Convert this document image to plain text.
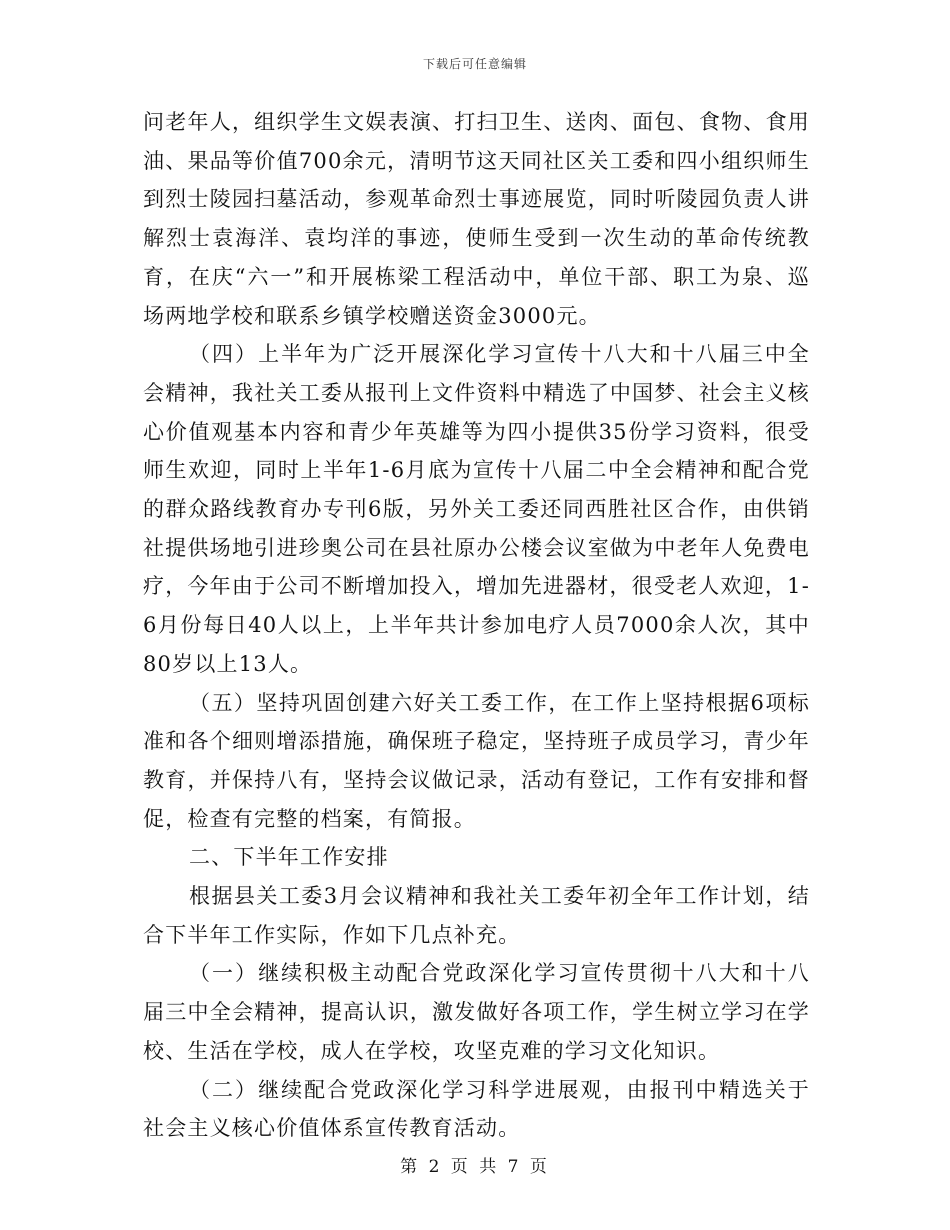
下载后可任意编辑

问老年人，组织学生文娱表演、打扫卫生、送肉、面包、食物、食用油、果品等价值700余元，清明节这天同社区关工委和四小组织师生到烈士陵园扫墓活动，参观革命烈士事迹展览，同时听陵园负责人讲解烈士袁海洋、袁均洋的事迹，使师生受到一次生动的革命传统教育，在庆“六一”和开展栋梁工程活动中，单位干部、职工为泉、巡场两地学校和联系乡镇学校赠送资金3000元。

（四）上半年为广泛开展深化学习宣传十八大和十八届三中全会精神，我社关工委从报刊上文件资料中精选了中国梦、社会主义核心价值观基本内容和青少年英雄等为四小提供35份学习资料，很受师生欢迎，同时上半年1-6月底为宣传十八届二中全会精神和配合党的群众路线教育办专刊6版，另外关工委还同西胜社区合作，由供销社提供场地引进珍奥公司在县社原办公楼会议室做为中老年人免费电疗，今年由于公司不断增加投入，增加先进器材，很受老人欢迎，1-6月份每日40人以上，上半年共计参加电疗人员7000余人次，其中80岁以上13人。

（五）坚持巩固创建六好关工委工作，在工作上坚持根据6项标准和各个细则增添措施，确保班子稳定，坚持班子成员学习，青少年教育，并保持八有，坚持会议做记录，活动有登记，工作有安排和督促，检查有完整的档案，有简报。

二、下半年工作安排

根据县关工委3月会议精神和我社关工委年初全年工作计划，结合下半年工作实际，作如下几点补充。

（一）继续积极主动配合党政深化学习宣传贯彻十八大和十八届三中全会精神，提高认识，激发做好各项工作，学生树立学习在学校、生活在学校，成人在学校，攻坚克难的学习文化知识。

（二）继续配合党政深化学习科学进展观，由报刊中精选关于社会主义核心价值体系宣传教育活动。

第 2 页 共 7 页
